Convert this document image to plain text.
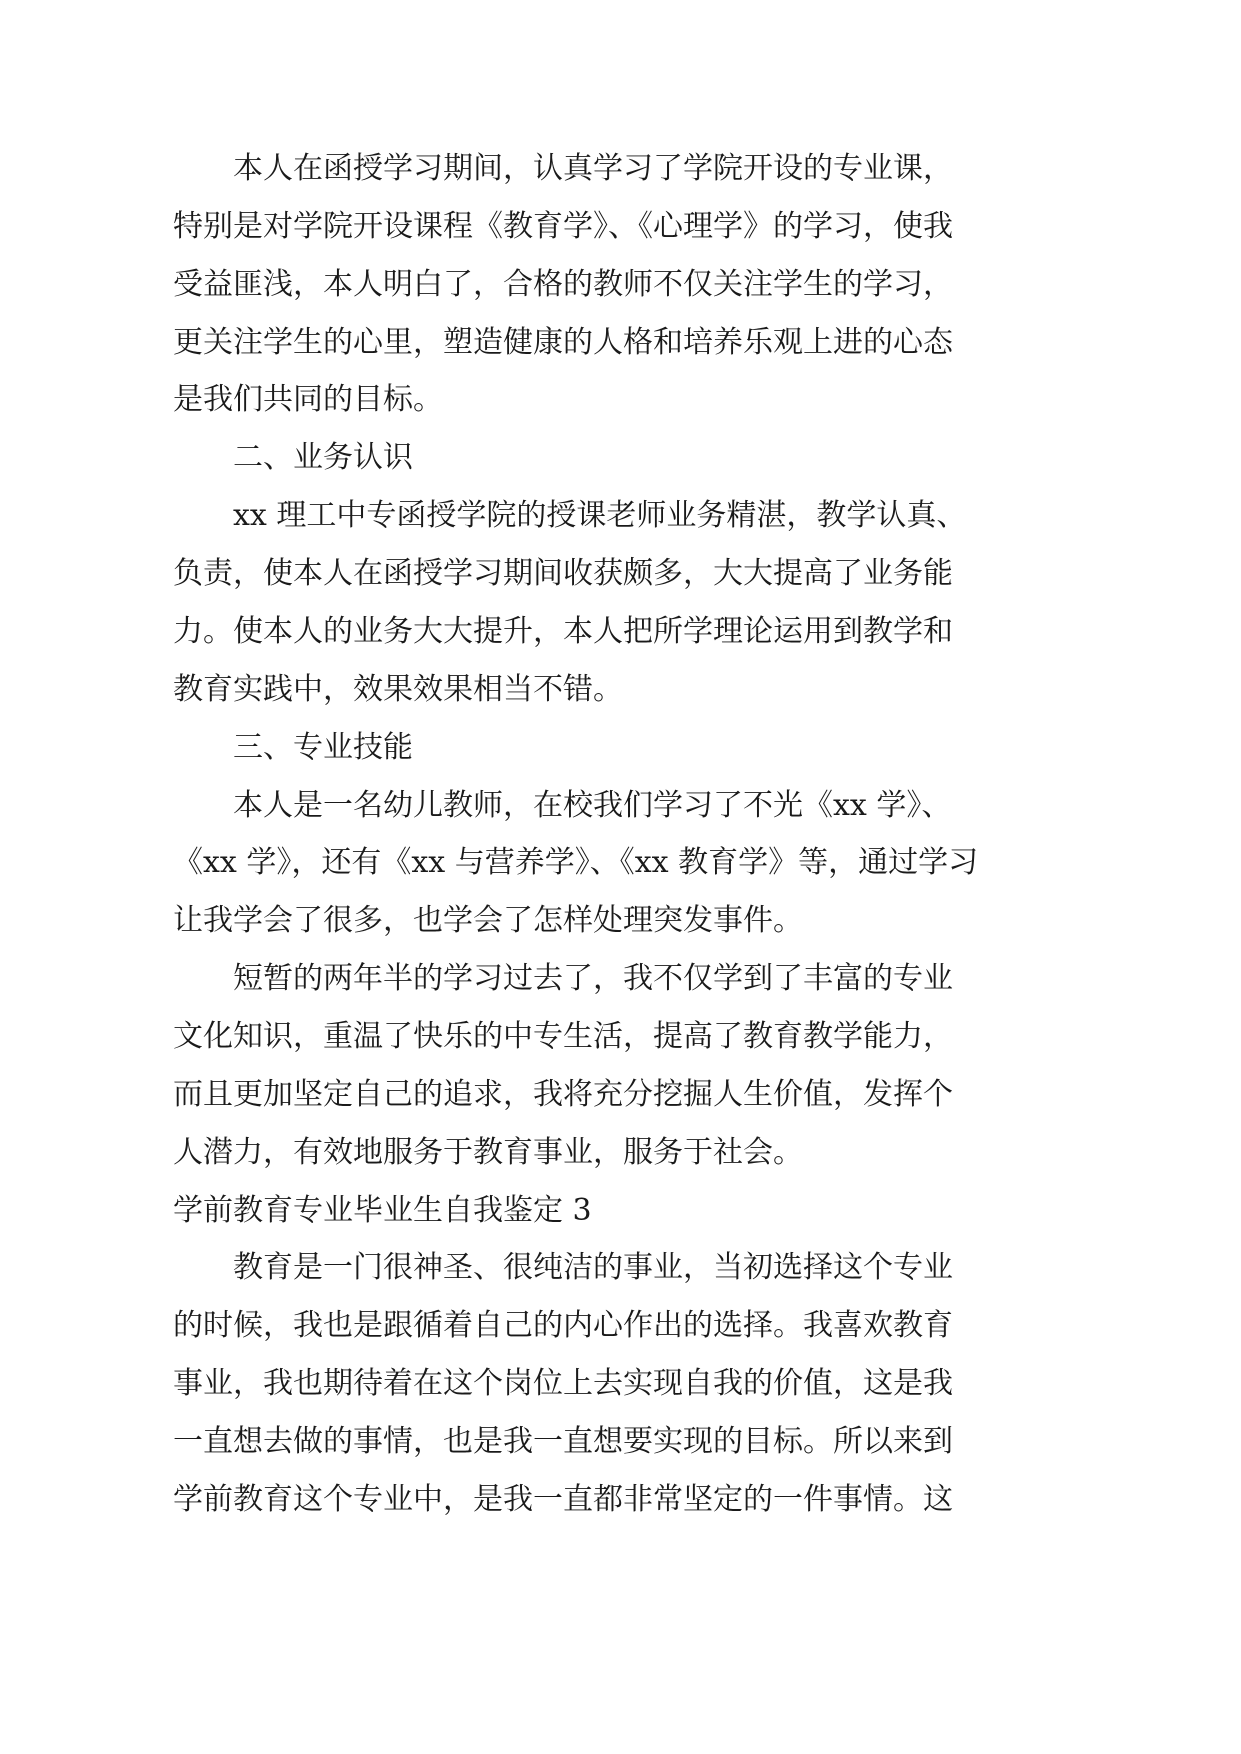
本人在函授学习期间，认真学习了学院开设的专业课，

特别是对学院开设课程《教育学》、《心理学》的学习，使我

受益匪浅，本人明白了，合格的教师不仅关注学生的学习，

更关注学生的心里，塑造健康的人格和培养乐观上进的心态

是我们共同的目标。

二、业务认识

xx 理工中专函授学院的授课老师业务精湛，教学认真、

负责，使本人在函授学习期间收获颇多，大大提高了业务能

力。使本人的业务大大提升，本人把所学理论运用到教学和

教育实践中，效果效果相当不错。

三、专业技能

本人是一名幼儿教师，在校我们学习了不光《xx 学》、

《xx 学》，还有《xx 与营养学》、《xx 教育学》等，通过学习

让我学会了很多，也学会了怎样处理突发事件。

短暂的两年半的学习过去了，我不仅学到了丰富的专业

文化知识，重温了快乐的中专生活，提高了教育教学能力，

而且更加坚定自己的追求，我将充分挖掘人生价值，发挥个

人潜力，有效地服务于教育事业，服务于社会。

学前教育专业毕业生自我鉴定 3

教育是一门很神圣、很纯洁的事业，当初选择这个专业

的时候，我也是跟循着自己的内心作出的选择。我喜欢教育

事业，我也期待着在这个岗位上去实现自我的价值，这是我

一直想去做的事情，也是我一直想要实现的目标。所以来到

学前教育这个专业中，是我一直都非常坚定的一件事情。这
